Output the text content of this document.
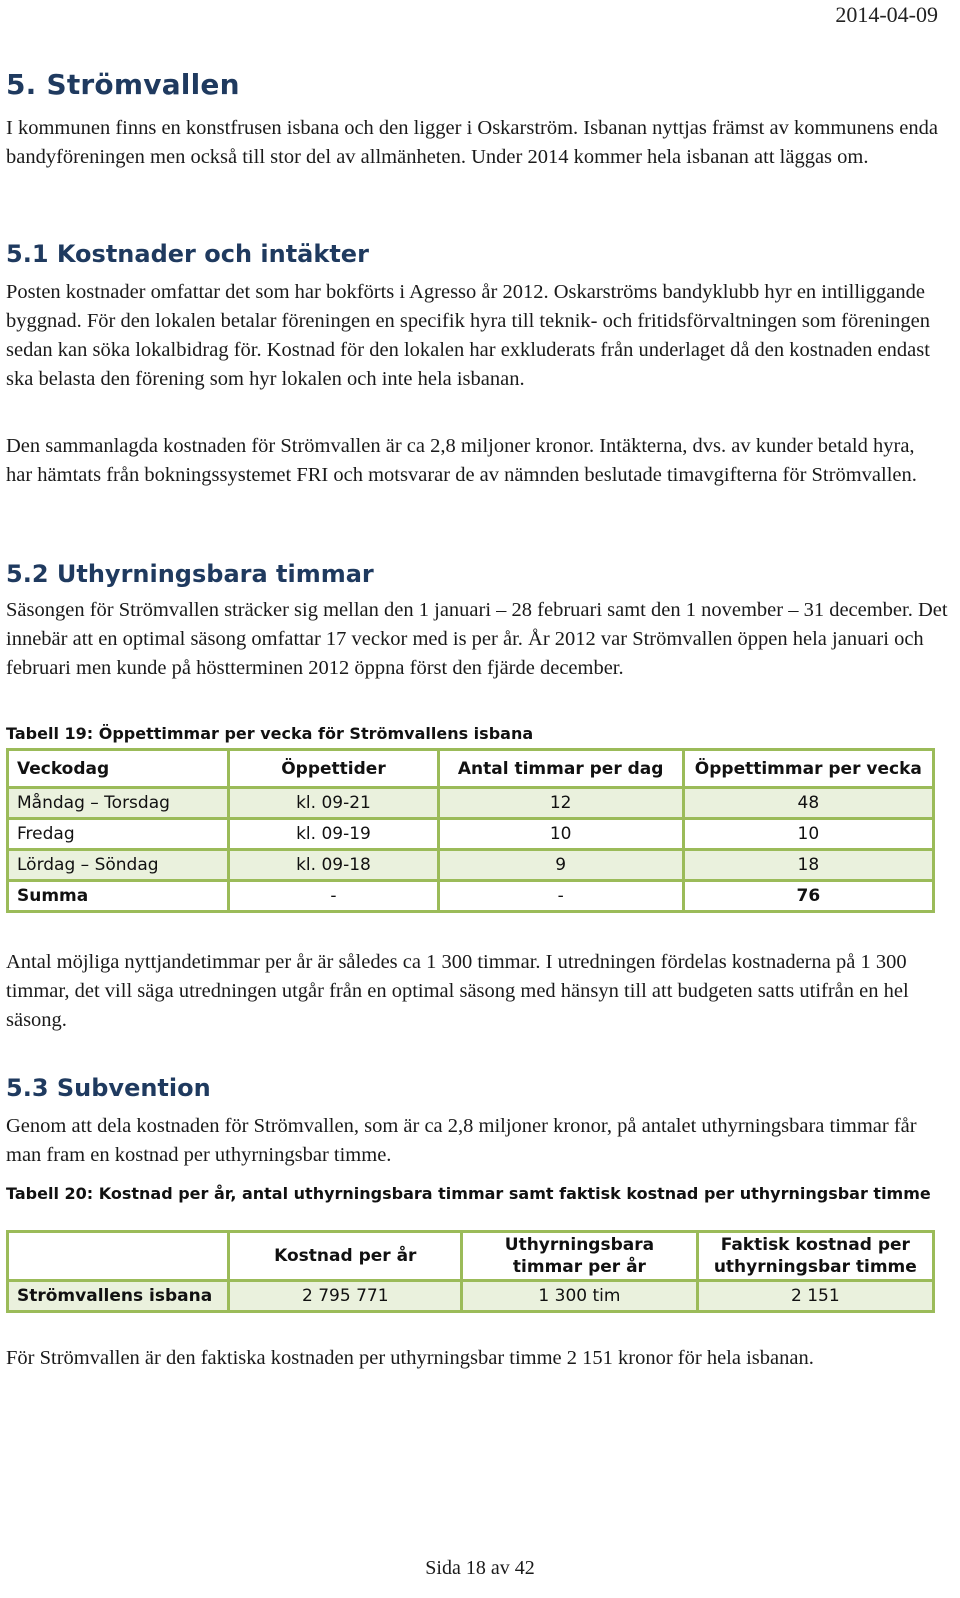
2014-04-09
5. Strömvallen

I kommunen finns en konstfrusen isbana och den ligger i Oskarström. Isbanan nyttjas främst av kommunens enda bandyföreningen men också till stor del av allmänheten. Under 2014 kommer hela isbanan att läggas om.

5.1 Kostnader och intäkter

Posten kostnader omfattar det som har bokförts i Agresso år 2012. Oskarströms bandyklubb hyr en intilliggande byggnad. För den lokalen betalar föreningen en specifik hyra till teknik- och fritidsförvaltningen som föreningen sedan kan söka lokalbidrag för. Kostnad för den lokalen har exkluderats från underlaget då den kostnaden endast ska belasta den förening som hyr lokalen och inte hela isbanan.

Den sammanlagda kostnaden för Strömvallen är ca 2,8 miljoner kronor. Intäkterna, dvs. av kunder betald hyra, har hämtats från bokningssystemet FRI och motsvarar de av nämnden beslutade timavgifterna för Strömvallen.

5.2 Uthyrningsbara timmar

Säsongen för Strömvallen sträcker sig mellan den 1 januari – 28 februari samt den 1 november – 31 december. Det innebär att en optimal säsong omfattar 17 veckor med is per år. År 2012 var Strömvallen öppen hela januari och februari men kunde på höstterminen 2012 öppna först den fjärde december.

Tabell 19: Öppettimmar per vecka för Strömvallens isbana
Veckodag	Öppettider	Antal timmar per dag	Öppettimmar per vecka
Måndag – Torsdag	kl. 09-21	12	48
Fredag	kl. 09-19	10	10
Lördag – Söndag	kl. 09-18	9	18
Summa	-	-	76

Antal möjliga nyttjandetimmar per år är således ca 1 300 timmar. I utredningen fördelas kostnaderna på 1 300 timmar, det vill säga utredningen utgår från en optimal säsong med hänsyn till att budgeten satts utifrån en hel säsong.

5.3 Subvention

Genom att dela kostnaden för Strömvallen, som är ca 2,8 miljoner kronor, på antalet uthyrningsbara timmar får man fram en kostnad per uthyrningsbar timme.

Tabell 20: Kostnad per år, antal uthyrningsbara timmar samt faktisk kostnad per uthyrningsbar timme
	Kostnad per år	Uthyrningsbara timmar per år	Faktisk kostnad per uthyrningsbar timme
Strömvallens isbana	2 795 771	1 300 tim	2 151

För Strömvallen är den faktiska kostnaden per uthyrningsbar timme 2 151 kronor för hela isbanan.

Sida 18 av 42
